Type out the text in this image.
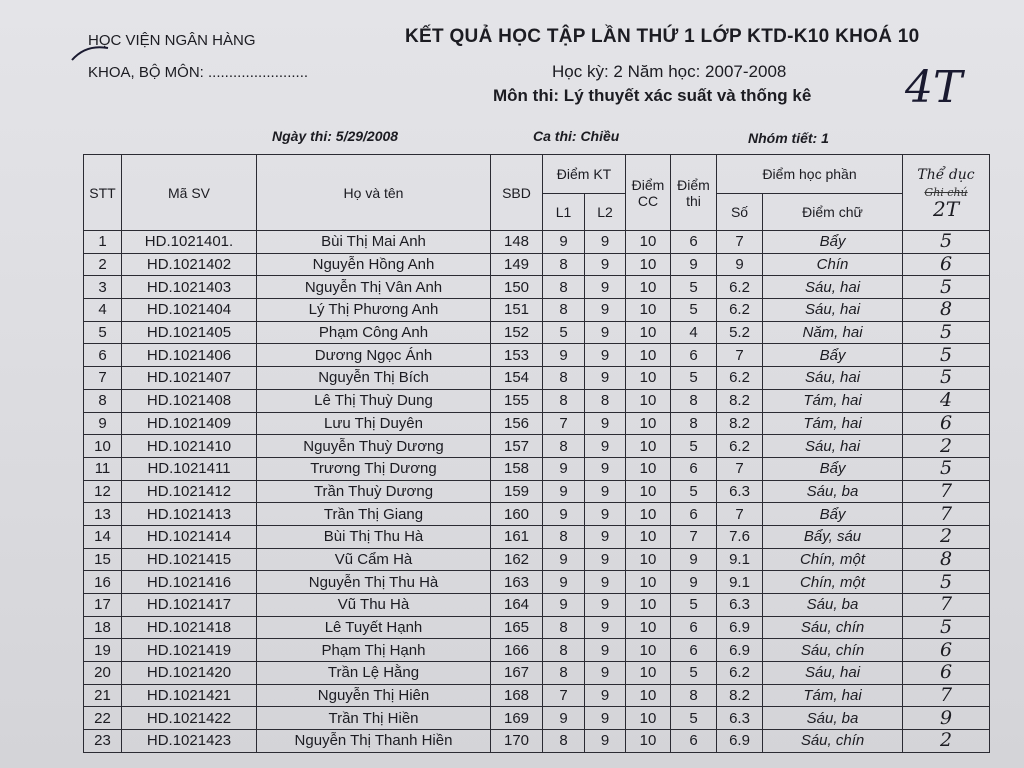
HỌC VIỆN NGÂN HÀNG
KHOA, BỘ MÔN: ........................
KẾT QUẢ HỌC TẬP LẦN THỨ 1 LỚP KTD-K10 KHOÁ 10
Học kỳ: 2 Năm học: 2007-2008
Môn thi: Lý thuyết xác suất và thống kê 4T
Ngày thi: 5/29/2008	Ca thi: Chiều	Nhóm tiết: 1
STT	Mã SV	Họ và tên	SBD	Điểm KT		Điểm CC	Điểm thi	Điểm học phần		Thể dục
Ghi chú
2T

				L1	L2			Số	Điểm chữ	
1	HD.1021401.	Bùi Thị Mai Anh	148	9	9	10	6	7	Bẩy	5
2	HD.1021402	Nguyễn Hồng Anh	149	8	9	10	9	9	Chín	6
3	HD.1021403	Nguyễn Thị Vân Anh	150	8	9	10	5	6.2	Sáu, hai	5
4	HD.1021404	Lý Thị Phương Anh	151	8	9	10	5	6.2	Sáu, hai	8
5	HD.1021405	Phạm Công Anh	152	5	9	10	4	5.2	Năm, hai	5
6	HD.1021406	Dương Ngọc Ánh	153	9	9	10	6	7	Bẩy	5
7	HD.1021407	Nguyễn Thị Bích	154	8	9	10	5	6.2	Sáu, hai	5
8	HD.1021408	Lê Thị Thuỳ Dung	155	8	8	10	8	8.2	Tám, hai	4
9	HD.1021409	Lưu Thị Duyên	156	7	9	10	8	8.2	Tám, hai	6
10	HD.1021410	Nguyễn Thuỳ Dương	157	8	9	10	5	6.2	Sáu, hai	2
11	HD.1021411	Trương Thị Dương	158	9	9	10	6	7	Bẩy	5
12	HD.1021412	Trần Thuỳ Dương	159	9	9	10	5	6.3	Sáu, ba	7
13	HD.1021413	Trần Thị Giang	160	9	9	10	6	7	Bẩy	7
14	HD.1021414	Bùi Thị Thu Hà	161	8	9	10	7	7.6	Bẩy, sáu	2
15	HD.1021415	Vũ Cẩm Hà	162	9	9	10	9	9.1	Chín, một	8
16	HD.1021416	Nguyễn Thị Thu Hà	163	9	9	10	9	9.1	Chín, một	5
17	HD.1021417	Vũ Thu Hà	164	9	9	10	5	6.3	Sáu, ba	7
18	HD.1021418	Lê Tuyết Hạnh	165	8	9	10	6	6.9	Sáu, chín	5
19	HD.1021419	Phạm Thị Hạnh	166	8	9	10	6	6.9	Sáu, chín	6
20	HD.1021420	Trần Lệ Hằng	167	8	9	10	5	6.2	Sáu, hai	6
21	HD.1021421	Nguyễn Thị Hiên	168	7	9	10	8	8.2	Tám, hai	7
22	HD.1021422	Trần Thị Hiền	169	9	9	10	5	6.3	Sáu, ba	9
23	HD.1021423	Nguyễn Thị Thanh Hiền	170	8	9	10	6	6.9	Sáu, chín	2
